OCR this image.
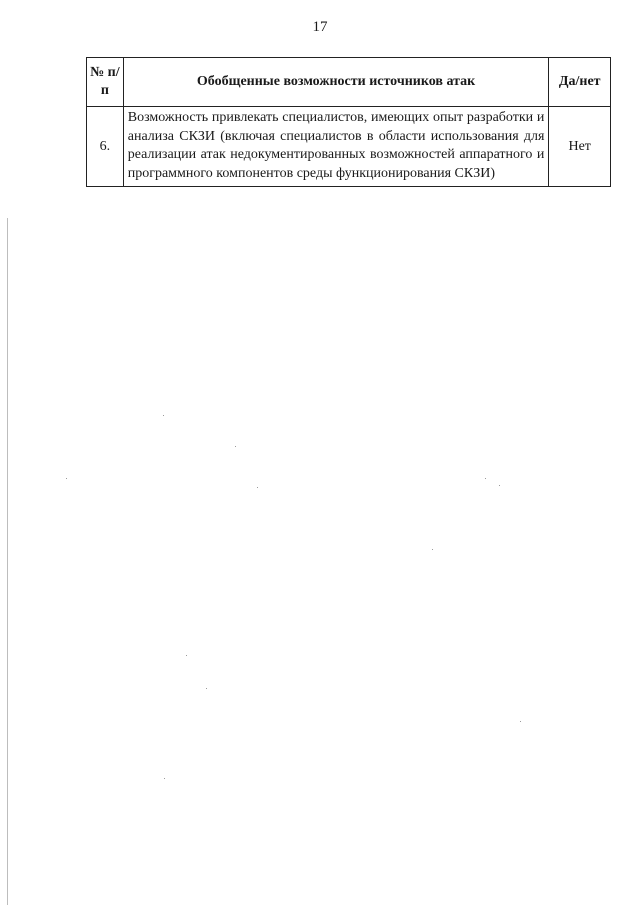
17
№ п/п	Обобщенные возможности источников атак	Да/нет
6.	Возможность привлекать специалистов, имеющих опыт разработки и анализа СКЗИ (включая специалистов в области использования для реализации атак недокументированных возможностей аппаратного и программного компонентов среды функционирования СКЗИ)	Нет
